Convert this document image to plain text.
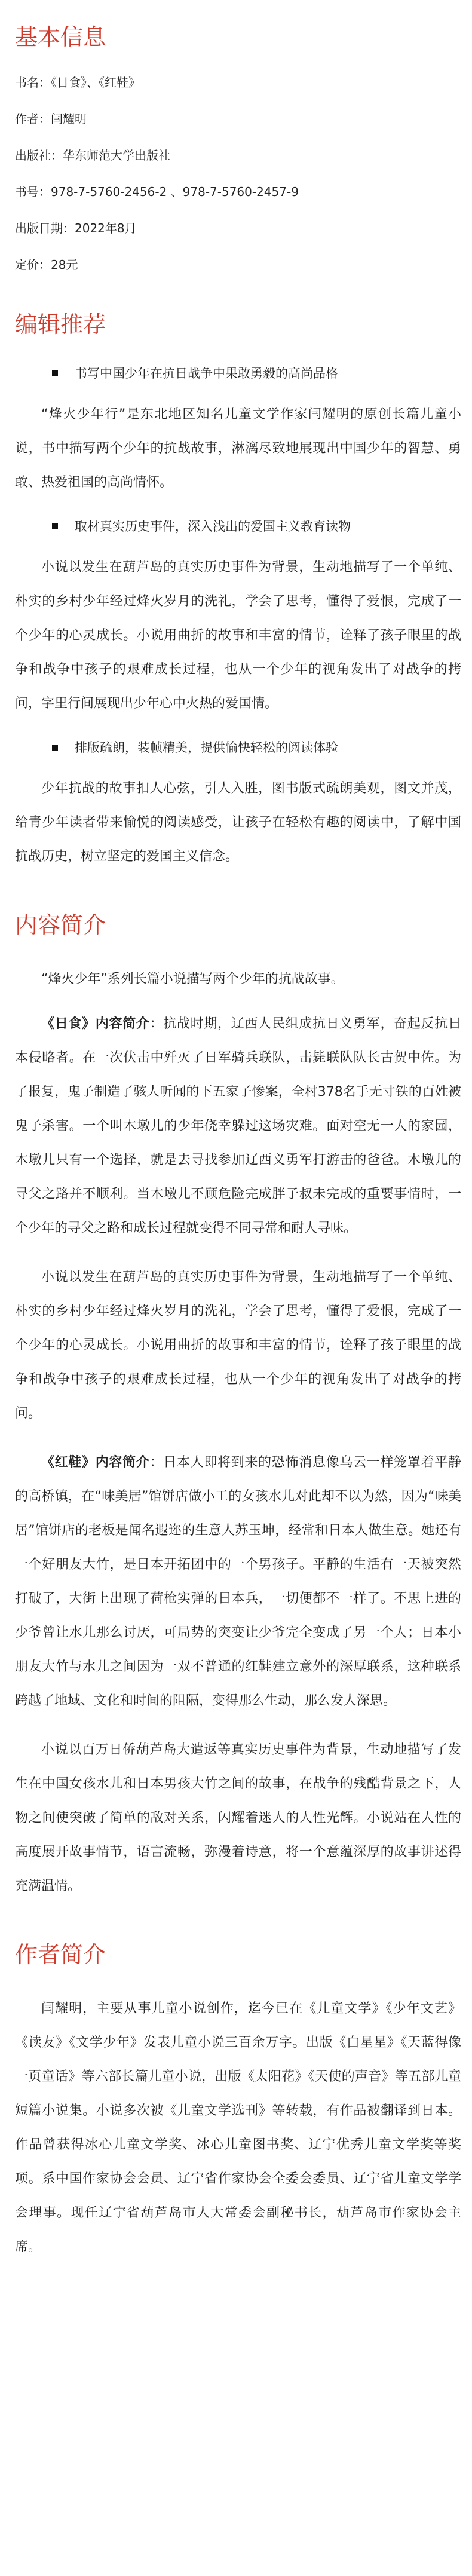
基本信息
书名：《日食》、《红鞋》
作者：闫耀明
出版社：华东师范大学出版社
书号：978-7-5760-2456-2 、978-7-5760-2457-9
出版日期：2022年8月
定价：28元
编辑推荐
书写中国少年在抗日战争中果敢勇毅的高尚品格

“烽火少年行”是东北地区知名儿童文学作家闫耀明的原创长篇儿童小说，书中描写两个少年的抗战故事，淋漓尽致地展现出中国少年的智慧、勇敢、热爱祖国的高尚情怀。

取材真实历史事件，深入浅出的爱国主义教育读物

小说以发生在葫芦岛的真实历史事件为背景，生动地描写了一个单纯、朴实的乡村少年经过烽火岁月的洗礼，学会了思考，懂得了爱恨，完成了一个少年的心灵成长。小说用曲折的故事和丰富的情节，诠释了孩子眼里的战争和战争中孩子的艰难成长过程，也从一个少年的视角发出了对战争的拷问，字里行间展现出少年心中火热的爱国情。

排版疏朗，装帧精美，提供愉快轻松的阅读体验

少年抗战的故事扣人心弦，引人入胜，图书版式疏朗美观，图文并茂，给青少年读者带来愉悦的阅读感受，让孩子在轻松有趣的阅读中，了解中国抗战历史，树立坚定的爱国主义信念。

内容简介

“烽火少年”系列长篇小说描写两个少年的抗战故事。

《日食》内容简介：抗战时期，辽西人民组成抗日义勇军，奋起反抗日本侵略者。在一次伏击中歼灭了日军骑兵联队，击毙联队队长古贺中佐。为了报复，鬼子制造了骇人听闻的下五家子惨案，全村378名手无寸铁的百姓被鬼子杀害。一个叫木墩儿的少年侥幸躲过这场灾难。面对空无一人的家园，木墩儿只有一个选择，就是去寻找参加辽西义勇军打游击的爸爸。木墩儿的寻父之路并不顺利。当木墩儿不顾危险完成胖子叔未完成的重要事情时，一个少年的寻父之路和成长过程就变得不同寻常和耐人寻味。

小说以发生在葫芦岛的真实历史事件为背景，生动地描写了一个单纯、朴实的乡村少年经过烽火岁月的洗礼，学会了思考，懂得了爱恨，完成了一个少年的心灵成长。小说用曲折的故事和丰富的情节，诠释了孩子眼里的战争和战争中孩子的艰难成长过程，也从一个少年的视角发出了对战争的拷问。

《红鞋》内容简介：日本人即将到来的恐怖消息像乌云一样笼罩着平静的高桥镇，在“味美居”馆饼店做小工的女孩水儿对此却不以为然，因为“味美居”馆饼店的老板是闻名遐迩的生意人苏玉坤，经常和日本人做生意。她还有一个好朋友大竹，是日本开拓团中的一个男孩子。平静的生活有一天被突然打破了，大街上出现了荷枪实弹的日本兵，一切便都不一样了。不思上进的少爷曾让水儿那么讨厌，可局势的突变让少爷完全变成了另一个人；日本小朋友大竹与水儿之间因为一双不普通的红鞋建立意外的深厚联系，这种联系跨越了地域、文化和时间的阻隔，变得那么生动，那么发人深思。

小说以百万日侨葫芦岛大遣返等真实历史事件为背景，生动地描写了发生在中国女孩水儿和日本男孩大竹之间的故事，在战争的残酷背景之下，人物之间使突破了简单的敌对关系，闪耀着迷人的人性光辉。小说站在人性的高度展开故事情节，语言流畅，弥漫着诗意，将一个意蕴深厚的故事讲述得充满温情。

作者简介

闫耀明，主要从事儿童小说创作，迄今已在《儿童文学》《少年文艺》《读友》《文学少年》发表儿童小说三百余万字。出版《白星星》《天蓝得像一页童话》等六部长篇儿童小说，出版《太阳花》《天使的声音》等五部儿童短篇小说集。小说多次被《儿童文学选刊》等转载，有作品被翻译到日本。作品曾获得冰心儿童文学奖、冰心儿童图书奖、辽宁优秀儿童文学奖等奖项。系中国作家协会会员、辽宁省作家协会全委会委员、辽宁省儿童文学学会理事。现任辽宁省葫芦岛市人大常委会副秘书长，葫芦岛市作家协会主席。
